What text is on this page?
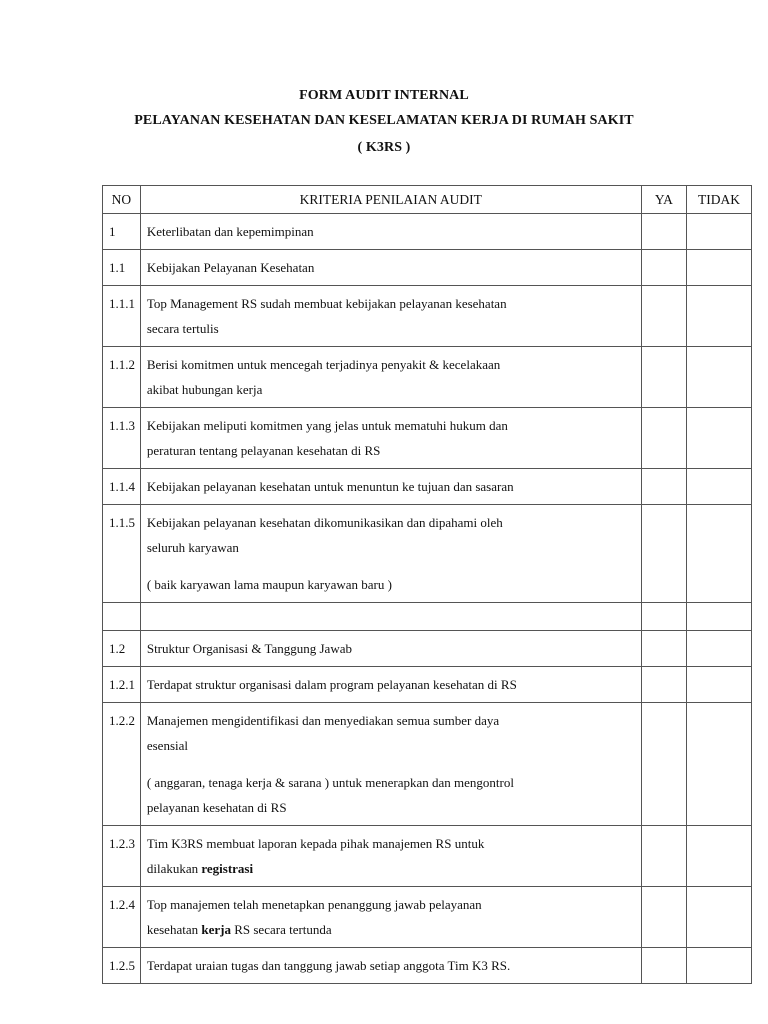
FORM AUDIT INTERNAL
PELAYANAN KESEHATAN DAN KESELAMATAN KERJA DI RUMAH SAKIT
( K3RS )
NO	KRITERIA PENILAIAN AUDIT	YA	TIDAK
1	Keterlibatan dan kepemimpinan		

1.1	Kebijakan Pelayanan Kesehatan		

1.1.1	Top Management RS sudah membuat kebijakan pelayanan kesehatan

secara tertulis		

1.1.2	Berisi komitmen untuk mencegah terjadinya penyakit & kecelakaan

akibat hubungan kerja		

1.1.3	Kebijakan meliputi komitmen yang jelas untuk mematuhi hukum dan

peraturan tentang pelayanan kesehatan di RS		

1.1.4	Kebijakan pelayanan kesehatan untuk menuntun ke tujuan dan sasaran		

1.1.5	Kebijakan pelayanan kesehatan dikomunikasikan dan dipahami oleh

seluruh karyawan

( baik karyawan lama maupun karyawan baru )		

1.2	Struktur Organisasi & Tanggung Jawab		

1.2.1	Terdapat struktur organisasi dalam program pelayanan kesehatan di RS		

1.2.2	Manajemen mengidentifikasi dan menyediakan semua sumber daya

esensial

( anggaran, tenaga kerja & sarana ) untuk menerapkan dan mengontrol

pelayanan kesehatan di RS		

1.2.3	Tim K3RS membuat laporan kepada pihak manajemen RS untuk

dilakukan registrasi		

1.2.4	Top manajemen telah menetapkan penanggung jawab pelayanan

kesehatan kerja RS secara tertunda		

1.2.5	Terdapat uraian tugas dan tanggung jawab setiap anggota Tim K3 RS.		
